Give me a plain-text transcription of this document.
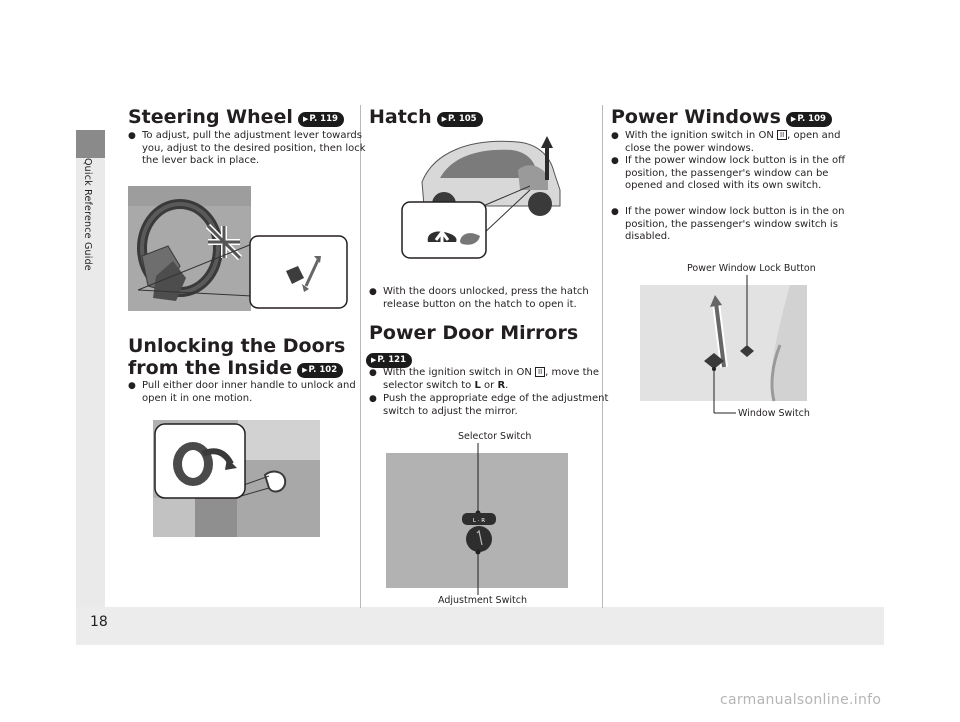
Quick Reference Guide
18
Steering Wheel ▶P. 119
● To adjust, pull the adjustment lever towards you, adjust to the desired position, then lock the lever back in place.
Unlocking the Doors
from the Inside ▶P. 102
● Pull either door inner handle to unlock and open it in one motion.
Hatch ▶P. 105
● With the doors unlocked, press the hatch release button on the hatch to open it.
Power Door Mirrors
▶P. 121
● With the ignition switch in ON II , move the selector switch to L or R.
● Push the appropriate edge of the adjustment switch to adjust the mirror.
Selector Switch
L · R
Adjustment Switch
Power Windows ▶P. 109
● With the ignition switch in ON II , open and close the power windows.
● If the power window lock button is in the off position, the passenger's window can be opened and closed with its own switch.
● If the power window lock button is in the on position, the passenger's window switch is disabled.
Power Window Lock Button
Window Switch
carmanualsonline.info
